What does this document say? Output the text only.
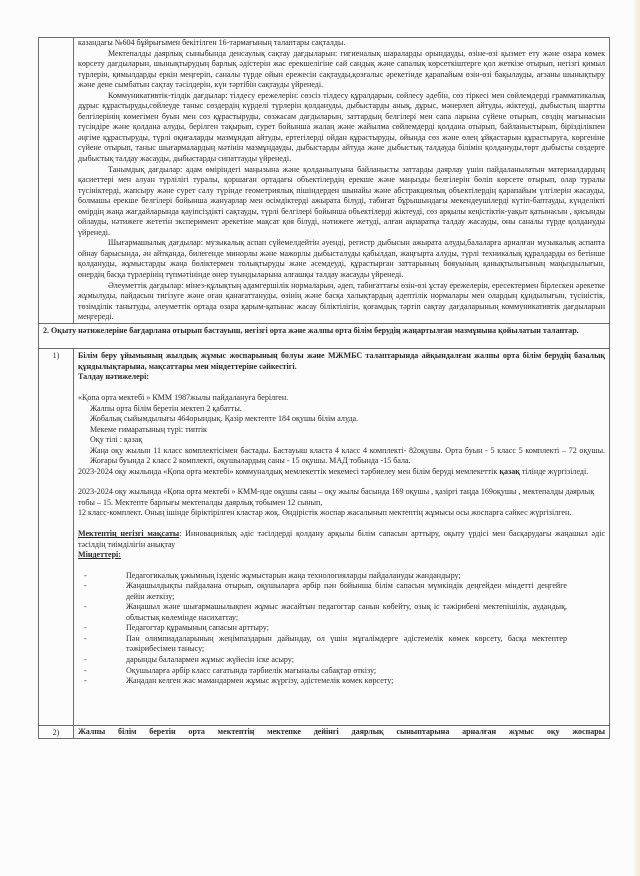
казандағы №604 бұйрығымен бекітілген 16-тармағының талаптары сақталды.

Мектепалды даярлық сыныбында денсаулық сақтау дағдыларын: гигиеналық шараларды орындауды, өзіне-өзі қызмет ету және өзара көмек көрсету дағдыларын, шынықтырудың барлық әдістерін жас ерекшелігіне сай сандық және сапалық көрсеткіштерге қол жеткізе отырып, негізгі қимыл түрлерін, қимылдарды еркін меңгеріп, саналы түрде ойын ережесін сақтауды,қозғалыс әрекетінде қарапайым өзін-өзі бақылауды, ағзаны шынықтыру және дене сымбатын сақтау тәсілдерін, күн тәртібін сақтауды үйренеді.

Коммуникативтік-тілдік дағдылар: тілдесу ережелерін: сөзсіз тілдесу құралдарын, сөйлесу әдебін, сөз тіркесі мен сөйлемдерді грамматикалық дұрыс құрастыруды,сөйлеуде таныс сөздердің күрделі түрлерін қолдануды, дыбыстарды анық, дұрыс, мәнерлеп айтуды, жіктеуді, дыбыстың шартты белгілерінің көмегімен буын мен сөз құрастыруды, сөзжасам дағдыларын, заттардың белгілері мен сапа ларына сүйене отырып, сөздің мағынасын түсіндіре және қолдана алуды, берілген тақырып, сурет бойынша жалаң және жайылма сөйлемдерді қолдана отырып, байланыстырып, бірізділікпен әңгіме құрастыруды, түрлі оқиғаларды мазмұндап айтуды, ертегілерді ойдан құрастыруды, ойында сөз және өлең ұйқастарын құрастыруға, көргеніне сүйене отырып, таныс шығармалардың мәтінін мазмұндауды, дыбыстарды айтуда және дыбыстық талдауда білімін қолдануды,төрт дыбысты сөздерге дыбыстық талдау жасауды, дыбыстарды сипаттауды үйренеді.

Танымдық дағдылар: адам өміріндегі маңызына және қолданылуына байланысты заттарды даярлау үшін пайдаланылатын материалдардың қасиеттері мен алуан түрлілігі туралы, қоршаған ортадағы объектілердің ерекше және маңызды белгілерін бөліп көрсете отырып, олар туралы түсініктерді, жапсыру және сурет салу түрінде геометриялық пішіндерден шынайы және абстракциялық объектілердің қарапайым үлгілерін жасауды, болмашы ерекше белгілері бойынша жануарлар мен өсімдіктерді ажырата білуді, табиғат бұрышындағы мекендеушілерді күтіп-баптауды, күнделікті өмірдің жаңа жағдайларында қауіпсіздікті сақтауды, түрлі белгілері бойынша объектілерді жіктеуді, сөз арқылы кеңістіктік-уақыт қатынасын , қисынды ойлауды, нәтижеге жететін эксперимент әрекетіне мақсат қоя білуді, нәтижеге жетуді, алған ақпаратқа талдау жасауды, оны саналы түрде қолдануды үйренеді.

Шығармашылық дағдылар: музыкалық аспап сүйемелдейтін әуенді, регистр дыбысын ажырата алуды,балаларға арналған музыкалық аспапта ойнау барысында, ән айтқанда, билегенде минорлы және мажорлы дыбысталуды қабылдап, жаңғырта алуды, түрлі техникалық құралдарды өз бетінше қолдануды, жұмыстарды жаңа бөліктермен толықтыруды және әсемдеуді, құрастырған заттарының бояуының қанықтылығының маңыздылығын, өнердің басқа түрлерінің түпмәтінінде өнер туындыларына алғашқы талдау жасауды үйренеді.

Әлеуметтік дағдылар: мінез-құлықтың адамгершілік нормаларын, әдеп, табиғаттағы өзін-өзі ұстау ережелерін, ересектермен бірлескен әрекетке жұмылуды, пайдасын тигізуге және оған қанағаттануды, өзінің және басқа халықтардың әдептілік нормалары мен олардың құндылығын, түсіністік, төзімділік танытуды, әлеуметтік ортада өзара қарым-қатынас жасау біліктілігін, қоғамдық тәртіп сақтау дағдаларының коммуникативтік дағдыларын меңгереді.

2. Оқыту нәтижелеріне бағдарлана отырып бастауыш, негізгі орта және жалпы орта білім берудің жаңартылған мазмұнына қойылатын талаптар.	
1)	Білім беру ұйымының жылдық жұмыс жоспарының болуы және МЖМБС талаптарында айқындалған жалпы орта білім берудің базалық құндылықтарына, мақсаттары мен міндеттеріне сәйкестігі.

Талдау нәтижелері:

«Қопа орта мектебі » КММ 1987жылы пайдалануға берілген.

Жалпы орта білім беретін мектеп 2 қабатты.

Жобалық сыйымдылығы 464орындық. Қазір мектепте 184 оқушы білім алуда.

Мекеме ғимаратының түрі: типтік

Оқу тілі : қазақ

Жаңа оқу жылын 11 класс комплектісімен бастады. Бастауыш класта 4 класс 4 комплекті- 82оқушы. Орта буын - 5 класс 5 комплекті – 72 оқушы. Жоғары буында 2 класс 2 комплекті, оқушылардың саны - 15 оқушы. МАД тобында -15 бала.

2023-2024 оқу жылында «Қопа орта мектебі» коммуналдық мемлекеттік мекемесі тәрбиелеу мен білім беруді мемлекеттік қазақ тілінде жүргізіледі.

2023-2024 оқу жылында «Қопа орта мектебі » КММ-нде оқушы саны – оқу жылы басында 169 оқушы , қазіргі таңда 169оқушы , мектепалды даярлық тобы – 15. Мектепте барлығы мектепалды даярлық тобымен 12 сынып,

12 класс-комплект. Оның ішінде біріктірілген кластар жоқ. Өндірістік жоспар жасалынып мектептің жұмысы осы жоспарға сәйкес жүргізілген.

Мектептің негізгі мақсаты: Инновациялық әдіс тәсілдерді қолдану арқылы білім сапасын арттыру, оқыту үрдісі мен басқарудағы жаңашыл әдіс тәсілдің тиімділігін анықтау

Міндеттері:

-	Педагогикалық ұжымның ізденіс жұмыстарын жаңа технологияларды пайдалануды жандандыру;
-	Жаңашылдықты пайдалана отырып, оқушыларға әрбір пән бойынша білім сапасын мүмкіндік деңгейден міндетті деңгейге дейін жеткізу;
-	Жаңашыл және шығармашылықпен жұмыс жасайтын педагогтар санын көбейту, озық іс тәжірибені мектепішілік, аудандық, облыстық көлемінде насихаттау;
-	Педагогтар құрамының сапасын арттыру;
-	Пән олимпиадаларының жеңімпаздарын дайындау, ол үшін мұғалімдерге әдістемелік көмек көрсету, басқа мектептер тәжірибесімен танысу;
-	дарынды балалармен жұмыс жүйесін іске асыру;
-	Оқушыларға әрбір класс сағатында тәрбиелік мағыналы сабақтар өткізу;
-	Жаңадан келген жас мамандармен жұмыс жүргізу, әдістемелік көмек көрсету;

2)	Жалпы білім беретін орта мектептің мектепке дейінгі даярлық сыныптарына арналған жұмыс оқу жоспары
